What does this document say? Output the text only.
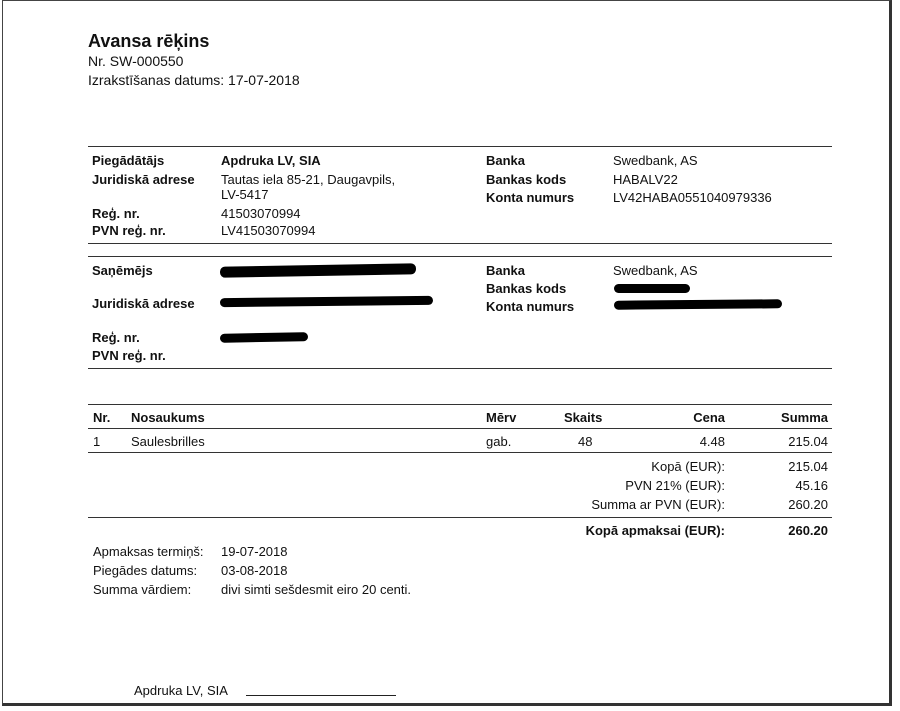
Avansa rēķins
Nr. SW-000550
Izrakstīšanas datums: 17-07-2018
Piegādātājs	Apdruka LV, SIA
Juridiskā adrese Tautas iela 85-21, Daugavpils,
LV-5417
Reģ. nr.	41503070994
PVN reģ. nr.	LV41503070994
Banka	Swedbank, AS
Bankas kods	HABALV22
Konta numurs	LV42HABA0551040979336
Saņēmējs
Juridiskā adrese
Reģ. nr.
PVN reģ. nr.
Banka	Swedbank, AS
Bankas kods
Konta numurs
Nr. Nosaukums	Mērv	Skaits	Cena	Summa
1 Saulesbrilles	gab.	48	4.48	215.04
Kopā (EUR):	215.04
PVN 21% (EUR):	45.16
Summa ar PVN (EUR):	260.20
Kopā apmaksai (EUR):	260.20
Apmaksas termiņš: 19-07-2018
Piegādes datums: 03-08-2018
Summa vārdiem: divi simti sešdesmit eiro 20 centi.
Apdruka LV, SIA
